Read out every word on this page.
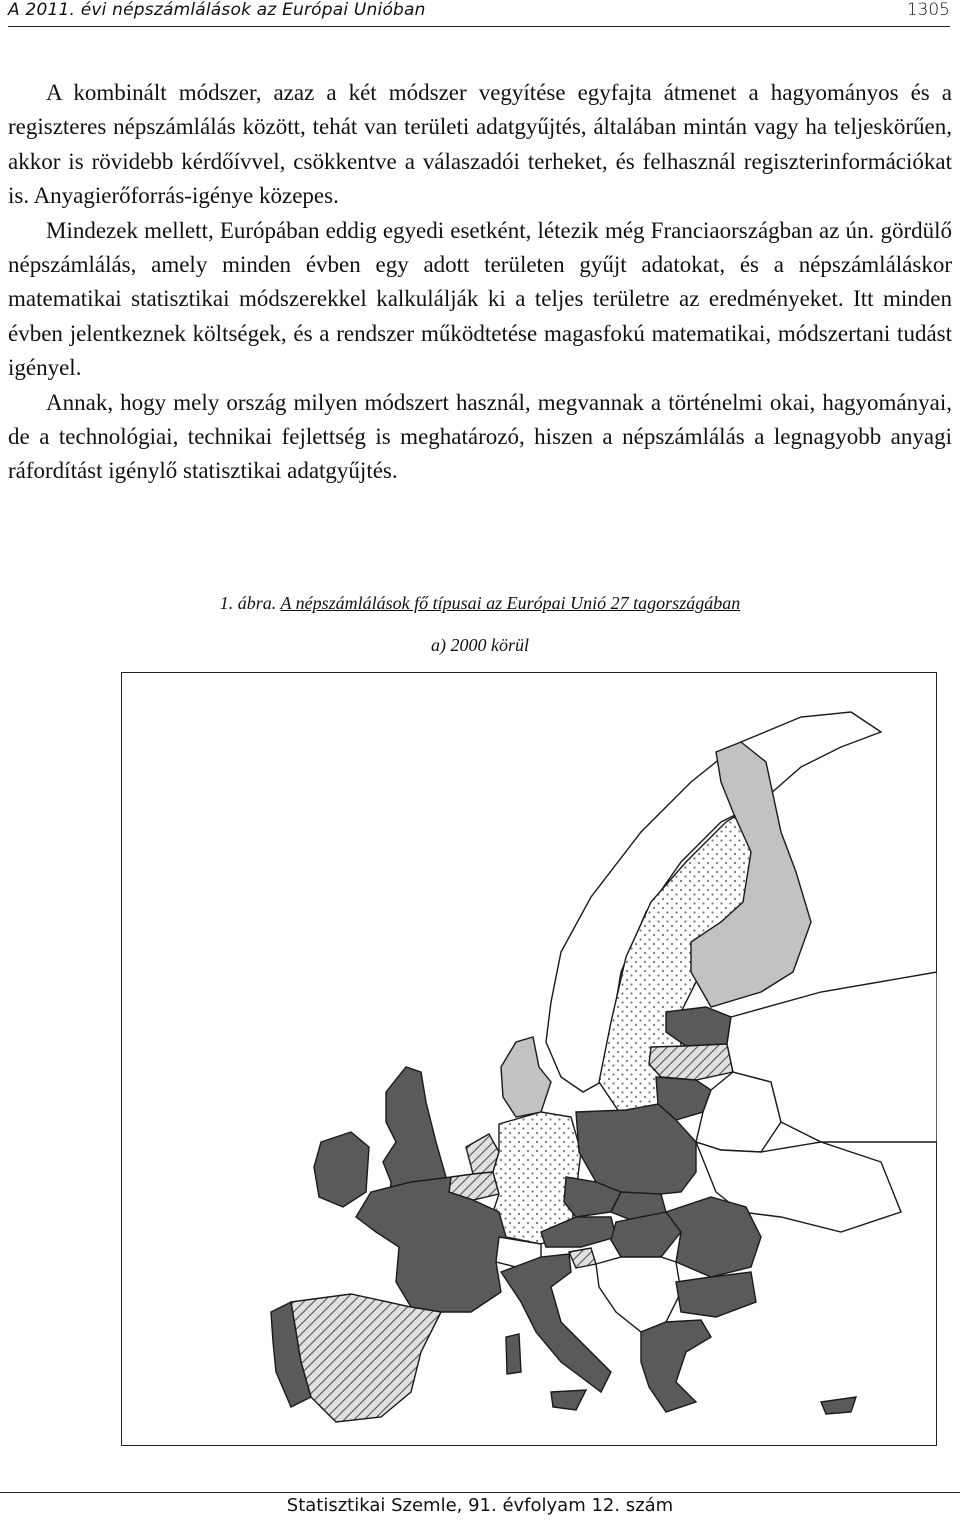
A 2011. évi népszámlálások az Európai Unióban	1305

A kombinált módszer, azaz a két módszer vegyítése egyfajta átmenet a hagyományos és a regiszteres népszámlálás között, tehát van területi adatgyűjtés, általában mintán vagy ha teljeskörűen, akkor is rövidebb kérdőívvel, csökkentve a válaszadói terheket, és felhasznál regiszterinformációkat is. Anyagierőforrás-igénye közepes.

Mindezek mellett, Európában eddig egyedi esetként, létezik még Franciaországban az ún. gördülő népszámlálás, amely minden évben egy adott területen gyűjt adatokat, és a népszámláláskor matematikai statisztikai módszerekkel kalkulálják ki a teljes területre az eredményeket. Itt minden évben jelentkeznek költségek, és a rendszer működtetése magasfokú matematikai, módszertani tudást igényel.

Annak, hogy mely ország milyen módszert használ, megvannak a történelmi okai, hagyományai, de a technológiai, technikai fejlettség is meghatározó, hiszen a népszámlálás a legnagyobb anyagi ráfordítást igénylő statisztikai adatgyűjtés.

1. ábra. A népszámlálások fő típusai az Európai Unió 27 tagországában
a) 2000 körül
Statisztikai Szemle, 91. évfolyam 12. szám
